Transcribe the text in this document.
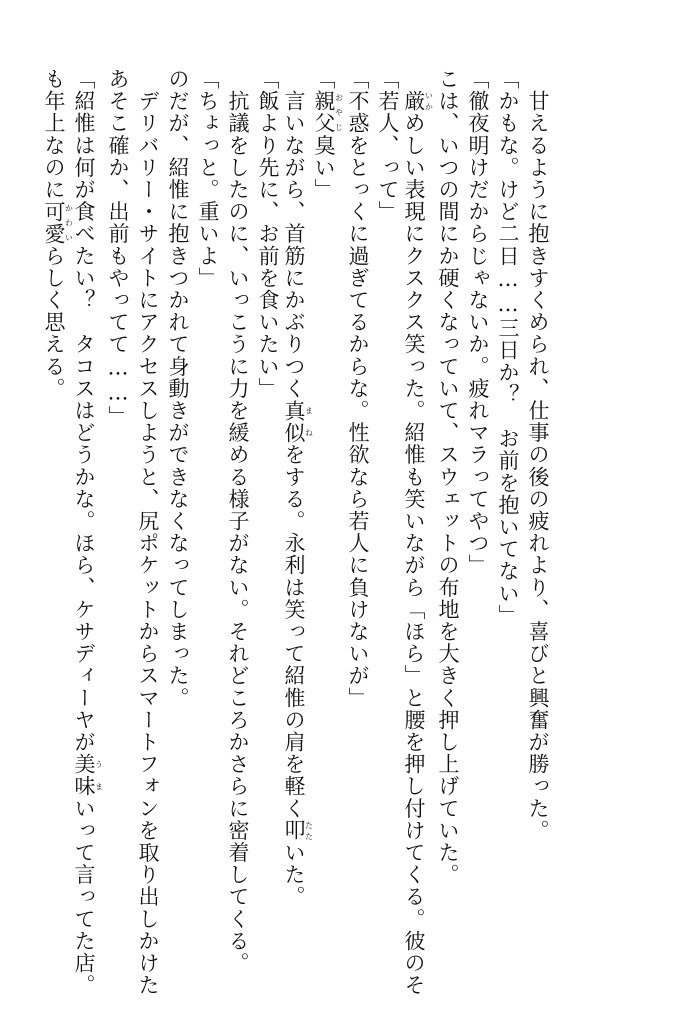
も年上なのに可愛かわいらしく思える。 「紹惟は何が食べたい？　タコスはどうかな。ほら、ケサディーヤが美味うまいって言ってた店。
あそこ確か、出前もやってて……」 　デリバリー・サイトにアクセスしようと、尻ポケットからスマートフォンを取り出しかけた のだが、紹惟に抱きつかれて身動きができなくなってしまった。 「ちょっと。重いよ」 　抗議をしたのに、いっこうに力を緩める様子がない。それどころかさらに密着してくる。 「飯より先に、お前を食いたい」 　言いながら、首筋にかぶりつく真似まねをする。永利は笑って紹惟の肩を軽く叩たたいた。
「親父おやじ臭い」 「不惑をとっくに過ぎてるからな。性欲なら若人に負けないが」 「若人、って」
　 厳いかめしい表現にクスクス笑った。紹惟も笑いながら「ほら」と腰を押し付けてくる。彼のそ こは、いつの間にか硬くなっていて、スウェットの布地を大きく押し上げていた。 「徹夜明けだからじゃないか。疲れマラってやつ」 「かもな。けど二日……三日か？　お前を抱いてない」 　甘えるように抱きすくめられ、仕事の後の疲れより、喜びと興奮が勝った。
